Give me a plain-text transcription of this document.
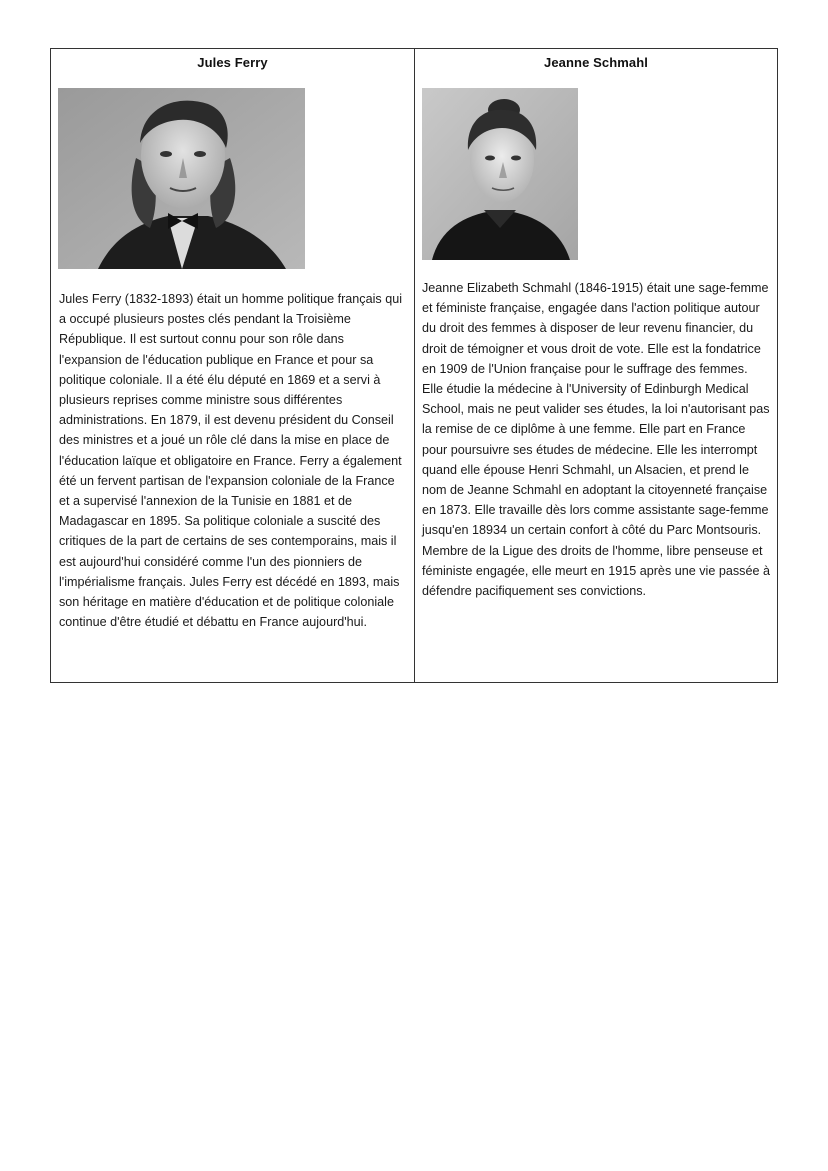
Jules Ferry
Jules Ferry (1832-1893) était un homme politique français qui a occupé plusieurs postes clés pendant la Troisième République. Il est surtout connu pour son rôle dans l'expansion de l'éducation publique en France et pour sa politique coloniale. Il a été élu député en 1869 et a servi à plusieurs reprises comme ministre sous différentes administrations. En 1879, il est devenu président du Conseil des ministres et a joué un rôle clé dans la mise en place de l'éducation laïque et obligatoire en France. Ferry a également été un fervent partisan de l'expansion coloniale de la France et a supervisé l'annexion de la Tunisie en 1881 et de Madagascar en 1895. Sa politique coloniale a suscité des critiques de la part de certains de ses contemporains, mais il est aujourd'hui considéré comme l'un des pionniers de l'impérialisme français. Jules Ferry est décédé en 1893, mais son héritage en matière d'éducation et de politique coloniale continue d'être étudié et débattu en France aujourd'hui.
Jeanne Schmahl
Jeanne Elizabeth Schmahl (1846-1915) était une sage-femme et féministe française, engagée dans l'action politique autour du droit des femmes à disposer de leur revenu financier, du droit de témoigner et vous droit de vote. Elle est la fondatrice en 1909 de l'Union française pour le suffrage des femmes. Elle étudie la médecine à l'University of Edinburgh Medical School, mais ne peut valider ses études, la loi n'autorisant pas la remise de ce diplôme à une femme. Elle part en France pour poursuivre ses études de médecine. Elle les interrompt quand elle épouse Henri Schmahl, un Alsacien, et prend le nom de Jeanne Schmahl en adoptant la citoyenneté française en 1873. Elle travaille dès lors comme assistante sage-femme jusqu'en 18934 un certain confort à côté du Parc Montsouris. Membre de la Ligue des droits de l'homme, libre penseuse et féministe engagée, elle meurt en 1915 après une vie passée à défendre pacifiquement ses convictions.
